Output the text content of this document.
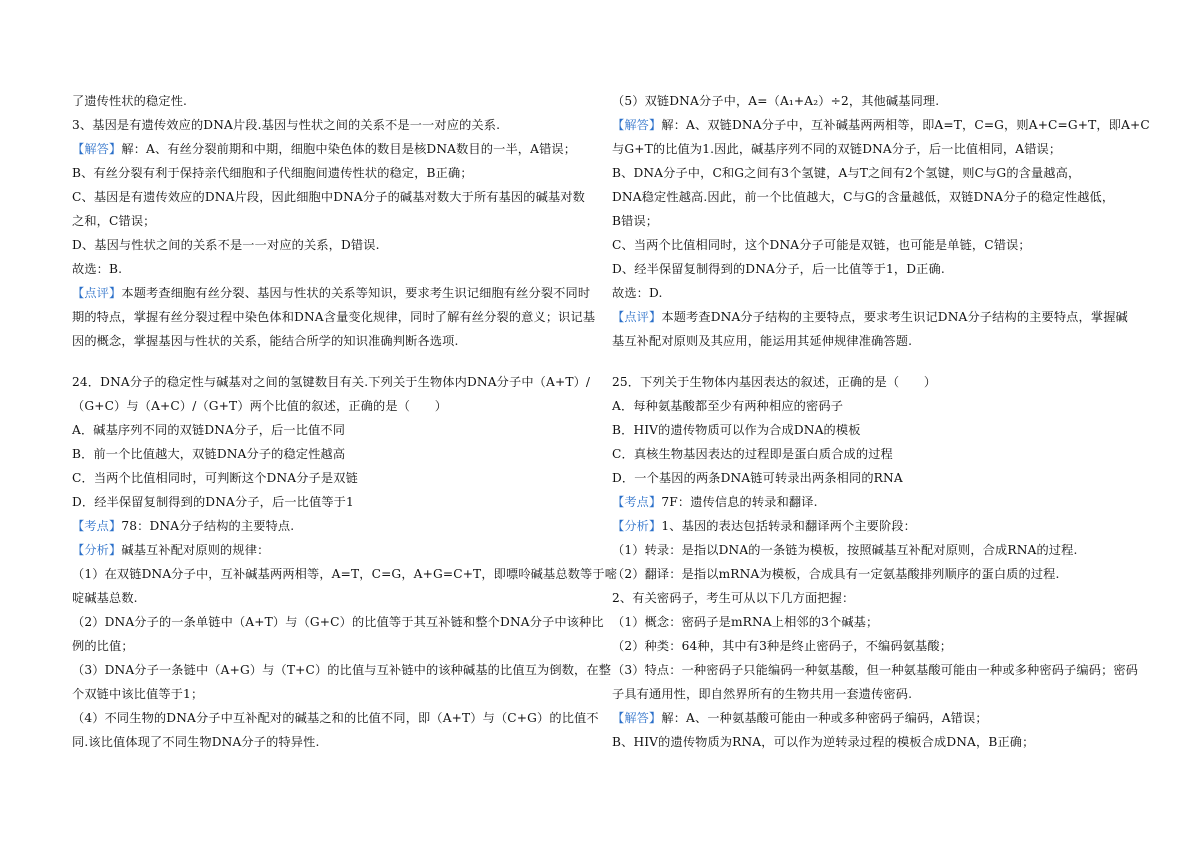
了遗传性状的稳定性.
3、基因是有遗传效应的DNA片段.基因与性状之间的关系不是一一对应的关系.
【解答】解：A、有丝分裂前期和中期，细胞中染色体的数目是核DNA数目的一半，A错误；
B、有丝分裂有利于保持亲代细胞和子代细胞间遗传性状的稳定，B正确；
C、基因是有遗传效应的DNA片段，因此细胞中DNA分子的碱基对数大于所有基因的碱基对数
之和，C错误；
D、基因与性状之间的关系不是一一对应的关系，D错误.
故选：B.
【点评】本题考查细胞有丝分裂、基因与性状的关系等知识，要求考生识记细胞有丝分裂不同时
期的特点，掌握有丝分裂过程中染色体和DNA含量变化规律，同时了解有丝分裂的意义；识记基
因的概念，掌握基因与性状的关系，能结合所学的知识准确判断各选项.
24．DNA分子的稳定性与碱基对之间的氢键数目有关.下列关于生物体内DNA分子中（A+T）/
（G+C）与（A+C）/（G+T）两个比值的叙述，正确的是（　　）
A．碱基序列不同的双链DNA分子，后一比值不同
B．前一个比值越大，双链DNA分子的稳定性越高
C．当两个比值相同时，可判断这个DNA分子是双链
D．经半保留复制得到的DNA分子，后一比值等于1
【考点】78：DNA分子结构的主要特点.
【分析】碱基互补配对原则的规律：
（1）在双链DNA分子中，互补碱基两两相等，A=T，C=G，A+G=C+T，即嘌呤碱基总数等于嘧
啶碱基总数.
（2）DNA分子的一条单链中（A+T）与（G+C）的比值等于其互补链和整个DNA分子中该种比
例的比值；
（3）DNA分子一条链中（A+G）与（T+C）的比值与互补链中的该种碱基的比值互为倒数，在整
个双链中该比值等于1；
（4）不同生物的DNA分子中互补配对的碱基之和的比值不同，即（A+T）与（C+G）的比值不
同.该比值体现了不同生物DNA分子的特异性.
（5）双链DNA分子中，A=（A₁+A₂）÷2，其他碱基同理.
【解答】解：A、双链DNA分子中，互补碱基两两相等，即A=T，C=G，则A+C=G+T，即A+C
与G+T的比值为1.因此，碱基序列不同的双链DNA分子，后一比值相同，A错误；
B、DNA分子中，C和G之间有3个氢键，A与T之间有2个氢键，则C与G的含量越高，
DNA稳定性越高.因此，前一个比值越大，C与G的含量越低，双链DNA分子的稳定性越低，
B错误；
C、当两个比值相同时，这个DNA分子可能是双链，也可能是单链，C错误；
D、经半保留复制得到的DNA分子，后一比值等于1，D正确.
故选：D.
【点评】本题考查DNA分子结构的主要特点，要求考生识记DNA分子结构的主要特点，掌握碱
基互补配对原则及其应用，能运用其延伸规律准确答题.
25．下列关于生物体内基因表达的叙述，正确的是（　　）
A．每种氨基酸都至少有两种相应的密码子
B．HIV的遗传物质可以作为合成DNA的模板
C．真核生物基因表达的过程即是蛋白质合成的过程
D．一个基因的两条DNA链可转录出两条相同的RNA
【考点】7F：遗传信息的转录和翻译.
【分析】1、基因的表达包括转录和翻译两个主要阶段：
（1）转录：是指以DNA的一条链为模板，按照碱基互补配对原则，合成RNA的过程.
（2）翻译：是指以mRNA为模板，合成具有一定氨基酸排列顺序的蛋白质的过程.
2、有关密码子，考生可从以下几方面把握：
（1）概念：密码子是mRNA上相邻的3个碱基；
（2）种类：64种，其中有3种是终止密码子，不编码氨基酸；
（3）特点：一种密码子只能编码一种氨基酸，但一种氨基酸可能由一种或多种密码子编码；密码
子具有通用性，即自然界所有的生物共用一套遗传密码.
【解答】解：A、一种氨基酸可能由一种或多种密码子编码，A错误；
B、HIV的遗传物质为RNA，可以作为逆转录过程的模板合成DNA，B正确；
